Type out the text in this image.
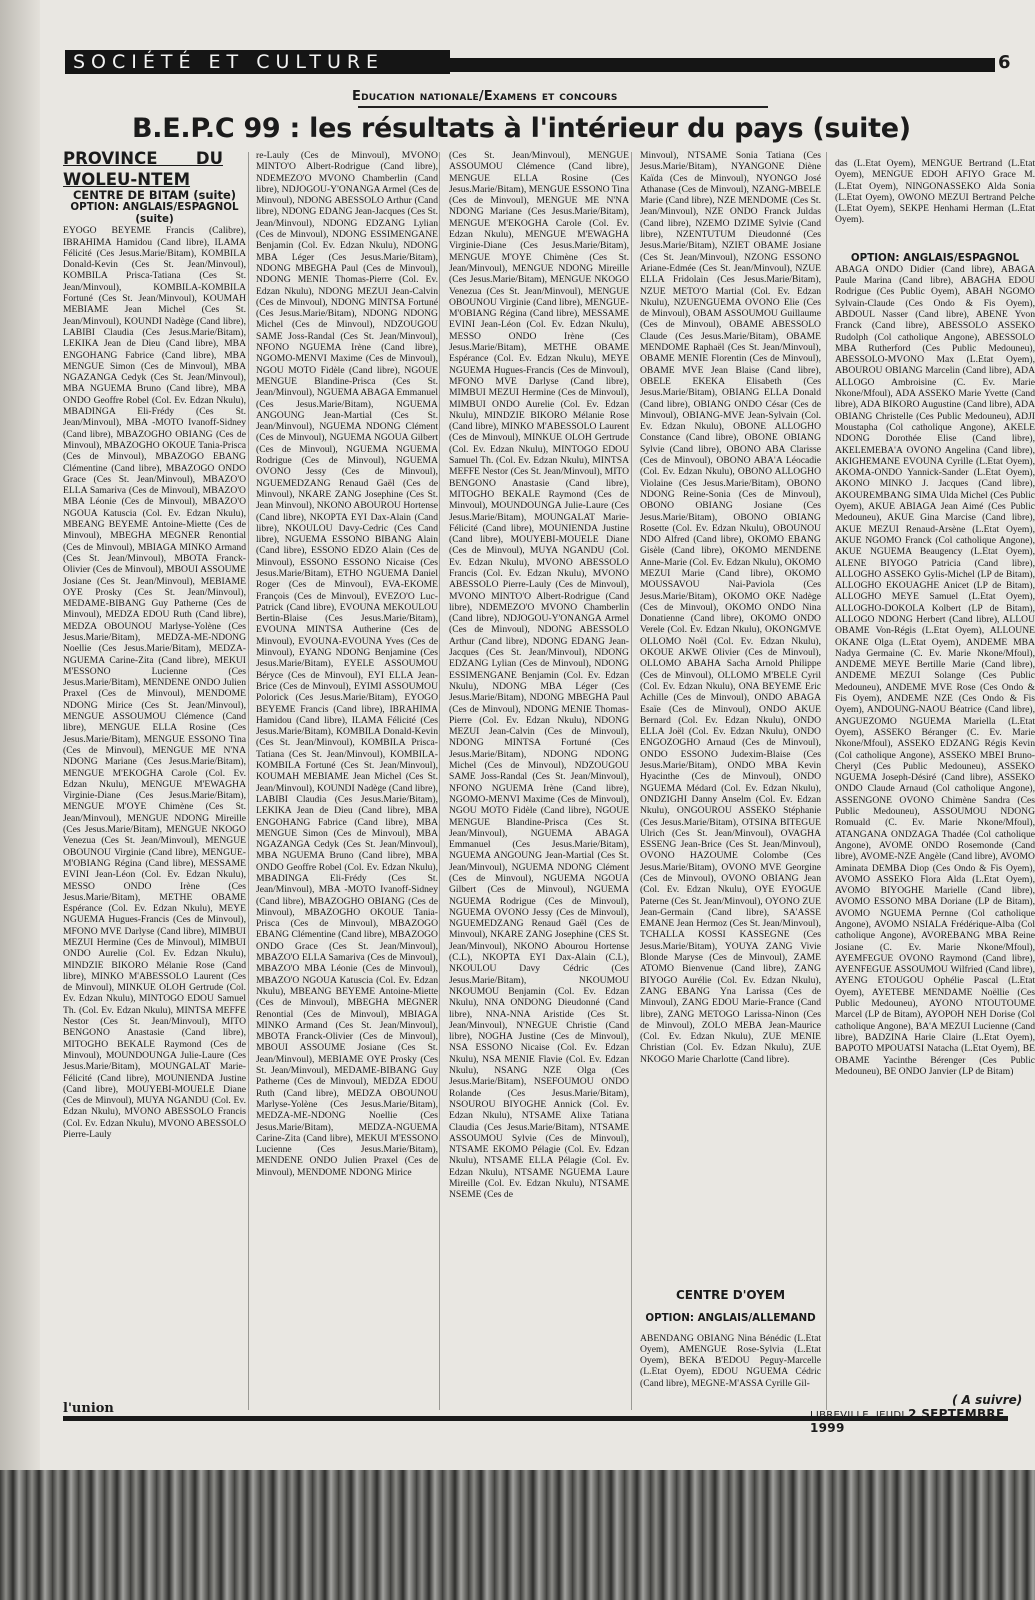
SOCIÉTÉ ET CULTURE	6
Education nationale/Examens et concours
B.E.P.C 99 : les résultats à l'intérieur du pays (suite)

PROVINCE DU WOLEU-NTEM

CENTRE DE BITAM (suite)

OPTION: ANGLAIS/ESPAGNOL (suite)

EYOGO BEYEME Francis (Calibre), IBRAHIMA Hamidou (Cand libre), ILAMA Félicité (Ces Jesus.Marie/Bitam), KOMBILA Donald-Kevin (Ces St. Jean/Minvoul), KOMBILA Prisca-Tatiana (Ces St. Jean/Minvoul), KOMBILA-KOMBILA Fortuné (Ces St. Jean/Minvoul), KOUMAH MEBIAME Jean Michel (Ces St. Jean/Minvoul), KOUNDI Nadège (Cand libre), LABIBI Claudia (Ces Jesus.Marie/Bitam), LEKIKA Jean de Dieu (Cand libre), MBA ENGOHANG Fabrice (Cand libre), MBA MENGUE Simon (Ces de Minvoul), MBA NGAZANGA Cedyk (Ces St. Jean/Minvoul), MBA NGUEMA Bruno (Cand libre), MBA ONDO Geoffre Robel (Col. Ev. Edzan Nkulu), MBADINGA Eli-Frédy (Ces St. Jean/Minvoul), MBA -MOTO Ivanoff-Sidney (Cand libre), MBAZOGHO OBIANG (Ces de Minvoul), MBAZOGHO OKOUE Tania-Prisca (Ces de Minvoul), MBAZOGO EBANG Clémentine (Cand libre), MBAZOGO ONDO Grace (Ces St. Jean/Minvoul), MBAZO'O ELLA Samariva (Ces de Minvoul), MBAZO'O MBA Léonie (Ces de Minvoul), MBAZO'O NGOUA Katuscia (Col. Ev. Edzan Nkulu), MBEANG BEYEME Antoine-Miette (Ces de Minvoul), MBEGHA MEGNER Renontial (Ces de Minvoul), MBIAGA MINKO Armand (Ces St. Jean/Minvoul), MBOTA Franck-Olivier (Ces de Minvoul), MBOUI ASSOUME Josiane (Ces St. Jean/Minvoul), MEBIAME OYE Prosky (Ces St. Jean/Minvoul), MEDAME-BIBANG Guy Patherne (Ces de Minvoul), MEDZA EDOU Ruth (Cand libre), MEDZA OBOUNOU Marlyse-Yolène (Ces Jesus.Marie/Bitam), MEDZA-ME-NDONG Noellie (Ces Jesus.Marie/Bitam), MEDZA-NGUEMA Carine-Zita (Cand libre), MEKUI M'ESSONO Lucienne (Ces Jesus.Marie/Bitam), MENDENE ONDO Julien Praxel (Ces de Minvoul), MENDOME NDONG Mirice (Ces St. Jean/Minvoul), MENGUE ASSOUMOU Clémence (Cand libre), MENGUE ELLA Rosine (Ces Jesus.Marie/Bitam), MENGUE ESSONO Tina (Ces de Minvoul), MENGUE ME N'NA NDONG Mariane (Ces Jesus.Marie/Bitam), MENGUE M'EKOGHA Carole (Col. Ev. Edzan Nkulu), MENGUE M'EWAGHA Virginie-Diane (Ces Jesus.Marie/Bitam), MENGUE M'OYE Chimène (Ces St. Jean/Minvoul), MENGUE NDONG Mireille (Ces Jesus.Marie/Bitam), MENGUE NKOGO Venezua (Ces St. Jean/Minvoul), MENGUE OBOUNOU Virginie (Cand libre), MENGUE-M'OBIANG Régina (Cand libre), MESSAME EVINI Jean-Léon (Col. Ev. Edzan Nkulu), MESSO ONDO Irène (Ces Jesus.Marie/Bitam), METHE OBAME Espérance (Col. Ev. Edzan Nkulu), MEYE NGUEMA Hugues-Francis (Ces de Minvoul), MFONO MVE Darlyse (Cand libre), MIMBUI MEZUI Hermine (Ces de Minvoul), MIMBUI ONDO Aurelie (Col. Ev. Edzan Nkulu), MINDZIE BIKORO Mélanie Rose (Cand libre), MINKO M'ABESSOLO Laurent (Ces de Minvoul), MINKUE OLOH Gertrude (Col. Ev. Edzan Nkulu), MINTOGO EDOU Samuel Th. (Col. Ev. Edzan Nkulu), MINTSA MEFFE Nestor (Ces St. Jean/Minvoul), MITO BENGONO Anastasie (Cand libre), MITOGHO BEKALE Raymond (Ces de Minvoul), MOUNDOUNGA Julie-Laure (Ces Jesus.Marie/Bitam), MOUNGALAT Marie-Félicité (Cand libre), MOUNIENDA Justine (Cand libre), MOUYEBI-MOUELE Diane (Ces de Minvoul), MUYA NGANDU (Col. Ev. Edzan Nkulu), MVONO ABESSOLO Francis (Col. Ev. Edzan Nkulu), MVONO ABESSOLO Pierre-Lauly

re-Lauly (Ces de Minvoul), MVONO MINTO'O Albert-Rodrigue (Cand libre), NDEMEZO'O MVONO Chamberlin (Cand libre), NDJOGOU-Y'ONANGA Armel (Ces de Minvoul), NDONG ABESSOLO Arthur (Cand libre), NDONG EDANG Jean-Jacques (Ces St. Jean/Minvoul), NDONG EDZANG Lylian (Ces de Minvoul), NDONG ESSIMENGANE Benjamin (Col. Ev. Edzan Nkulu), NDONG MBA Léger (Ces Jesus.Marie/Bitam), NDONG MBEGHA Paul (Ces de Minvoul), NDONG MENIE Thomas-Pierre (Col. Ev. Edzan Nkulu), NDONG MEZUI Jean-Calvin (Ces de Minvoul), NDONG MINTSA Fortuné (Ces Jesus.Marie/Bitam), NDONG NDONG Michel (Ces de Minvoul), NDZOUGOU SAME Joss-Randal (Ces St. Jean/Minvoul), NFONO NGUEMA Irène (Cand libre), NGOMO-MENVI Maxime (Ces de Minvoul), NGOU MOTO Fidèle (Cand libre), NGOUE MENGUE Blandine-Prisca (Ces St. Jean/Minvoul), NGUEMA ABAGA Emmanuel (Ces Jesus.Marie/Bitam), NGUEMA ANGOUNG Jean-Martial (Ces St. Jean/Minvoul), NGUEMA NDONG Clément (Ces de Minvoul), NGUEMA NGOUA Gilbert (Ces de Minvoul), NGUEMA NGUEMA Rodrigue (Ces de Minvoul), NGUEMA OVONO Jessy (Ces de Minvoul), NGUEMEDZANG Renaud Gaël (Ces de Minvoul), NKARE ZANG Josephine (Ces St. Jean Minvoul), NKONO ABOUROU Hortense (Cand libre), NKOPTA EYI Dax-Alain (Cand libre), NKOULOU Davy-Cedric (Ces Cand libre), NGUEMA ESSONO BIBANG Alain (Cand libre), ESSONO EDZO Alain (Ces de Minvoul), ESSONO ESSONO Nicaise (Ces Jesus.Marie/Bitam), ETHO NGUEMA Daniel Roger (Ces de Minvoul), EVA-EKOME François (Ces de Minvoul), EVEZO'O Luc-Patrick (Cand libre), EVOUNA MEKOULOU Bertin-Blaise (Ces Jesus.Marie/Bitam), EVOUNA MINTSA Autherine (Ces de Minvoul), EVOUNA-EVOUNA Yves (Ces de Minvoul), EYANG NDONG Benjamine (Ces Jesus.Marie/Bitam), EYELE ASSOUMOU Béryce (Ces de Minvoul), EYI ELLA Jean-Brice (Ces de Minvoul), EYIMI ASSOUMOU Polorick (Ces Jesus.Marie/Bitam), EYOGO BEYEME Francis (Cand libre), IBRAHIMA Hamidou (Cand libre), ILAMA Félicité (Ces Jesus.Marie/Bitam), KOMBILA Donald-Kevin (Ces St. Jean/Minvoul), KOMBILA Prisca-Tatiana (Ces St. Jean/Minvoul), KOMBILA-KOMBILA Fortuné (Ces St. Jean/Minvoul), KOUMAH MEBIAME Jean Michel (Ces St. Jean/Minvoul), KOUNDI Nadège (Cand libre), LABIBI Claudia (Ces Jesus.Marie/Bitam), LEKIKA Jean de Dieu (Cand libre), MBA ENGOHANG Fabrice (Cand libre), MBA MENGUE Simon (Ces de Minvoul), MBA NGAZANGA Cedyk (Ces St. Jean/Minvoul), MBA NGUEMA Bruno (Cand libre), MBA ONDO Geoffre Robel (Col. Ev. Edzan Nkulu), MBADINGA Eli-Frédy (Ces St. Jean/Minvoul), MBA -MOTO Ivanoff-Sidney (Cand libre), MBAZOGHO OBIANG (Ces de Minvoul), MBAZOGHO OKOUE Tania-Prisca (Ces de Minvoul), MBAZOGO EBANG Clémentine (Cand libre), MBAZOGO ONDO Grace (Ces St. Jean/Minvoul), MBAZO'O ELLA Samariva (Ces de Minvoul), MBAZO'O MBA Léonie (Ces de Minvoul), MBAZO'O NGOUA Katuscia (Col. Ev. Edzan Nkulu), MBEANG BEYEME Antoine-Miette (Ces de Minvoul), MBEGHA MEGNER Renontial (Ces de Minvoul), MBIAGA MINKO Armand (Ces St. Jean/Minvoul), MBOTA Franck-Olivier (Ces de Minvoul), MBOUI ASSOUME Josiane (Ces St. Jean/Minvoul), MEBIAME OYE Prosky (Ces St. Jean/Minvoul), MEDAME-BIBANG Guy Patherne (Ces de Minvoul), MEDZA EDOU Ruth (Cand libre), MEDZA OBOUNOU Marlyse-Yolène (Ces Jesus.Marie/Bitam), MEDZA-ME-NDONG Noellie (Ces Jesus.Marie/Bitam), MEDZA-NGUEMA Carine-Zita (Cand libre), MEKUI M'ESSONO Lucienne (Ces Jesus.Marie/Bitam), MENDENE ONDO Julien Praxel (Ces de Minvoul), MENDOME NDONG Mirice

(Ces St. Jean/Minvoul), MENGUE ASSOUMOU Clémence (Cand libre), MENGUE ELLA Rosine (Ces Jesus.Marie/Bitam), MENGUE ESSONO Tina (Ces de Minvoul), MENGUE ME N'NA NDONG Mariane (Ces Jesus.Marie/Bitam), MENGUE M'EKOGHA Carole (Col. Ev. Edzan Nkulu), MENGUE M'EWAGHA Virginie-Diane (Ces Jesus.Marie/Bitam), MENGUE M'OYE Chimène (Ces St. Jean/Minvoul), MENGUE NDONG Mireille (Ces Jesus.Marie/Bitam), MENGUE NKOGO Venezua (Ces St. Jean/Minvoul), MENGUE OBOUNOU Virginie (Cand libre), MENGUE-M'OBIANG Régina (Cand libre), MESSAME EVINI Jean-Léon (Col. Ev. Edzan Nkulu), MESSO ONDO Irène (Ces Jesus.Marie/Bitam), METHE OBAME Espérance (Col. Ev. Edzan Nkulu), MEYE NGUEMA Hugues-Francis (Ces de Minvoul), MFONO MVE Darlyse (Cand libre), MIMBUI MEZUI Hermine (Ces de Minvoul), MIMBUI ONDO Aurelie (Col. Ev. Edzan Nkulu), MINDZIE BIKORO Mélanie Rose (Cand libre), MINKO M'ABESSOLO Laurent (Ces de Minvoul), MINKUE OLOH Gertrude (Col. Ev. Edzan Nkulu), MINTOGO EDOU Samuel Th. (Col. Ev. Edzan Nkulu), MINTSA MEFFE Nestor (Ces St. Jean/Minvoul), MITO BENGONO Anastasie (Cand libre), MITOGHO BEKALE Raymond (Ces de Minvoul), MOUNDOUNGA Julie-Laure (Ces Jesus.Marie/Bitam), MOUNGALAT Marie-Félicité (Cand libre), MOUNIENDA Justine (Cand libre), MOUYEBI-MOUELE Diane (Ces de Minvoul), MUYA NGANDU (Col. Ev. Edzan Nkulu), MVONO ABESSOLO Francis (Col. Ev. Edzan Nkulu), MVONO ABESSOLO Pierre-Lauly (Ces de Minvoul), MVONO MINTO'O Albert-Rodrigue (Cand libre), NDEMEZO'O MVONO Chamberlin (Cand libre), NDJOGOU-Y'ONANGA Armel (Ces de Minvoul), NDONG ABESSOLO Arthur (Cand libre), NDONG EDANG Jean-Jacques (Ces St. Jean/Minvoul), NDONG EDZANG Lylian (Ces de Minvoul), NDONG ESSIMENGANE Benjamin (Col. Ev. Edzan Nkulu), NDONG MBA Léger (Ces Jesus.Marie/Bitam), NDONG MBEGHA Paul (Ces de Minvoul), NDONG MENIE Thomas-Pierre (Col. Ev. Edzan Nkulu), NDONG MEZUI Jean-Calvin (Ces de Minvoul), NDONG MINTSA Fortuné (Ces Jesus.Marie/Bitam), NDONG NDONG Michel (Ces de Minvoul), NDZOUGOU SAME Joss-Randal (Ces St. Jean/Minvoul), NFONO NGUEMA Irène (Cand libre), NGOMO-MENVI Maxime (Ces de Minvoul), NGOU MOTO Fidèle (Cand libre), NGOUE MENGUE Blandine-Prisca (Ces St. Jean/Minvoul), NGUEMA ABAGA Emmanuel (Ces Jesus.Marie/Bitam), NGUEMA ANGOUNG Jean-Martial (Ces St. Jean/Minvoul), NGUEMA NDONG Clément (Ces de Minvoul), NGUEMA NGOUA Gilbert (Ces de Minvoul), NGUEMA NGUEMA Rodrigue (Ces de Minvoul), NGUEMA OVONO Jessy (Ces de Minvoul), NGUEMEDZANG Renaud Gaël (Ces de Minvoul), NKARE ZANG Josephine (CES St. Jean/Minvoul), NKONO Abourou Hortense (C.L), NKOPTA EYI Dax-Alain (C.L), NKOULOU Davy Cédric (Ces Jesus.Marie/Bitam), NKOUMOU NKOUMOU Benjamin (Col. Ev. Edzan Nkulu), NNA ONDONG Dieudonné (Cand libre), NNA-NNA Aristide (Ces St. Jean/Minvoul), N'NEGUE Christie (Cand libre), NOGHA Justine (Ces de Minvoul), NSA ESSONO Nicaise (Col. Ev. Edzan Nkulu), NSA MENIE Flavie (Col. Ev. Edzan Nkulu), NSANG NZE Olga (Ces Jesus.Marie/Bitam), NSEFOUMOU ONDO Rolande (Ces Jesus.Marie/Bitam), NSOUROU BIYOGHE Annick (Col. Ev. Edzan Nkulu), NTSAME Alixe Tatiana Claudia (Ces Jesus.Marie/Bitam), NTSAME ASSOUMOU Sylvie (Ces de Minvoul), NTSAME EKOMO Pélagie (Col. Ev. Edzan Nkulu), NTSAME ELLA Pélagie (Col. Ev. Edzan Nkulu), NTSAME NGUEMA Laure Mireille (Col. Ev. Edzan Nkulu), NTSAME NSEME (Ces de

Minvoul), NTSAME Sonia Tatiana (Ces Jesus.Marie/Bitam), NYANGONE Diène Kaïda (Ces de Minvoul), NYONGO José Athanase (Ces de Minvoul), NZANG-MBELE Marie (Cand libre), NZE MENDOME (Ces St. Jean/Minvoul), NZE ONDO Franck Juldas (Cand libre), NZEMO DZIME Sylvie (Cand libre), NZENTUTUM Dieudonné (Ces Jesus.Marie/Bitam), NZIET OBAME Josiane (Ces St. Jean/Minvoul), NZONG ESSONO Ariane-Edmée (Ces St. Jean/Minvoul), NZUE ELLA Fridolain (Ces Jesus.Marie/Bitam), NZUE METO'O Martial (Col. Ev. Edzan Nkulu), NZUENGUEMA OVONO Elie (Ces de Minvoul), OBAM ASSOUMOU Guillaume (Ces de Minvoul), OBAME ABESSOLO Claude (Ces Jesus.Marie/Bitam), OBAME MENDOME Raphaël (Ces St. Jean/Minvoul), OBAME MENIE Florentin (Ces de Minvoul), OBAME MVE Jean Blaise (Cand libre), OBELE EKEKA Elisabeth (Ces Jesus.Marie/Bitam), OBIANG ELLA Donald (Cand libre), OBIANG ONDO César (Ces de Minvoul), OBIANG-MVE Jean-Sylvain (Col. Ev. Edzan Nkulu), OBONE ALLOGHO Constance (Cand libre), OBONE OBIANG Sylvie (Cand libre), OBONO ABA Clarisse (Ces de Minvoul), OBONO ABA'A Léocadie (Col. Ev. Edzan Nkulu), OBONO ALLOGHO Violaine (Ces Jesus.Marie/Bitam), OBONO NDONG Reine-Sonia (Ces de Minvoul), OBONO OBIANG Josiane (Ces Jesus.Marie/Bitam), OBONO OBIANG Rosette (Col. Ev. Edzan Nkulu), OBOUNOU NDO Alfred (Cand libre), OKOMO EBANG Gisèle (Cand libre), OKOMO MENDENE Anne-Marie (Col. Ev. Edzan Nkulu), OKOMO MEZUI Marie (Cand libre), OKOMO MOUSSAVOU Nai-Paviola (Ces Jesus.Marie/Bitam), OKOMO OKE Nadège (Ces de Minvoul), OKOMO ONDO Nina Donatienne (Cand libre), OKOMO ONDO Verele (Col. Ev. Edzan Nkulu), OKONGMVE OLLOMO Noël (Col. Ev. Edzan Nkulu), OKOUE AKWE Olivier (Ces de Minvoul), OLLOMO ABAHA Sacha Arnold Philippe (Ces de Minvoul), OLLOMO M'BELE Cyril (Col. Ev. Edzan Nkulu), ONA BEYEME Eric Achille (Ces de Minvoul), ONDO ABAGA Esaïe (Ces de Minvoul), ONDO AKUE Bernard (Col. Ev. Edzan Nkulu), ONDO ELLA Joël (Col. Ev. Edzan Nkulu), ONDO ENGOZOGHO Arnaud (Ces de Minvoul), ONDO ESSONO Judexim-Blaise (Ces Jesus.Marie/Bitam), ONDO MBA Kevin Hyacinthe (Ces de Minvoul), ONDO NGUEMA Médard (Col. Ev. Edzan Nkulu), ONDZIGHI Danny Anselm (Col. Ev. Edzan Nkulu), ONGOUROU ASSEKO Stéphanie (Ces Jesus.Marie/Bitam), OTSINA BITEGUE Ulrich (Ces St. Jean/Minvoul), OVAGHA ESSENG Jean-Brice (Ces St. Jean/Minvoul), OVONO HAZOUME Colombe (Ces Jesus.Marie/Bitam), OVONO MVE Georgine (Ces de Minvoul), OVONO OBIANG Jean (Col. Ev. Edzan Nkulu), OYE EYOGUE Paterne (Ces St. Jean/Minvoul), OYONO ZUE Jean-Germain (Cand libre), SA'ASSE EMANE Jean Hermoz (Ces St. Jean/Minvoul), TCHALLA KOSSI KASSEGNE (Ces Jesus.Marie/Bitam), YOUYA ZANG Vivie Blonde Maryse (Ces de Minvoul), ZAME ATOMO Bienvenue (Cand libre), ZANG BIYOGO Aurélie (Col. Ev. Edzan Nkulu), ZANG EBANG Yna Larissa (Ces de Minvoul), ZANG EDOU Marie-France (Cand libre), ZANG METOGO Larissa-Ninon (Ces de Minvoul), ZOLO MEBA Jean-Maurice (Col. Ev. Edzan Nkulu), ZUE MENIE Christian (Col. Ev. Edzan Nkulu), ZUE NKOGO Marie Charlotte (Cand libre).

CENTRE D'OYEM
OPTION: ANGLAIS/ALLEMAND

ABENDANG OBIANG Nina Bénédic (L.Etat Oyem), AMENGUE Rose-Sylvia (L.Etat Oyem), BEKA B'EDOU Peguy-Marcelle (L.Etat Oyem), EDOU NGUEMA Cédric (Cand libre), MEGNE-M'ASSA Cyrille Gil-

das (L.Etat Oyem), MENGUE Bertrand (L.Etat Oyem), MENGUE EDOH AFIYO Grace M. (L.Etat Oyem), NINGONASSEKO Alda Sonia (L.Etat Oyem), OWONO MEZUI Bertrand Pelche (L.Etat Oyem), SEKPE Henhami Herman (L.Etat Oyem).

OPTION: ANGLAIS/ESPAGNOL

ABAGA ONDO Didier (Cand libre), ABAGA Paule Marina (Cand libre), ABAGHA EDOU Rodrigue (Ces Public Oyem), ABAH NGOMO Sylvain-Claude (Ces Ondo & Fis Oyem), ABDOUL Nasser (Cand libre), ABENE Yvon Franck (Cand libre), ABESSOLO ASSEKO Rudolph (Col catholique Angone), ABESSOLO MBA Rutherford (Ces Public Medouneu), ABESSOLO-MVONO Max (L.Etat Oyem), ABOUROU OBIANG Marcelin (Cand libre), ADA ALLOGO Ambroisine (C. Ev. Marie Nkone/Mfoul), ADA ASSEKO Marie Yvette (Cand libre), ADA BIKORO Augustine (Cand libre), ADA OBIANG Christelle (Ces Public Medouneu), ADJI Moustapha (Col catholique Angone), AKELE NDONG Dorothée Elise (Cand libre), AKELEMEBA'A OVONO Angelina (Cand libre), AKIGHEMANE EVOUNA Cyrille (L.Etat Oyem), AKOMA-ONDO Yannick-Sander (L.Etat Oyem), AKONO MINKO J. Jacques (Cand libre), AKOUREMBANG SIMA Ulda Michel (Ces Public Oyem), AKUE ABIAGA Jean Aimé (Ces Public Medouneu), AKUE Gina Marcise (Cand libre), AKUE MEZUI Renaud-Arsène (L.Etat Oyem), AKUE NGOMO Franck (Col catholique Angone), AKUE NGUEMA Beaugency (L.Etat Oyem), ALENE BIYOGO Patricia (Cand libre), ALLOGHO ASSEKO Gylis-Michel (LP de Bitam), ALLOGHO EKOUAGHE Anicet (LP de Bitam), ALLOGHO MEYE Samuel (L.Etat Oyem), ALLOGHO-DOKOLA Kolbert (LP de Bitam), ALLOGO NDONG Herbert (Cand libre), ALLOU OBAME Von-Régis (L.Etat Oyem), ALLOUNE OKANE Olga (L.Etat Oyem), ANDEME MBA Nadya Germaine (C. Ev. Marie Nkone/Mfoul), ANDEME MEYE Bertille Marie (Cand libre), ANDEME MEZUI Solange (Ces Public Medouneu), ANDEME MVE Rose (Ces Ondo & Fis Oyem), ANDEME NZE (Ces Ondo & Fis Oyem), ANDOUNG-NAOU Béatrice (Cand libre), ANGUEZOMO NGUEMA Mariella (L.Etat Oyem), ASSEKO Béranger (C. Ev. Marie Nkone/Mfoul), ASSEKO EDZANG Régis Kevin (Col catholique Angone), ASSEKO MBEI Bruno-Cheryl (Ces Public Medouneu), ASSEKO NGUEMA Joseph-Désiré (Cand libre), ASSEKO ONDO Claude Arnaud (Col catholique Angone), ASSENGONE OVONO Chimène Sandra (Ces Public Medouneu), ASSOUMOU NDONG Romuald (C. Ev. Marie Nkone/Mfoul), ATANGANA ONDZAGA Thadée (Col catholique Angone), AVOME ONDO Rosemonde (Cand libre), AVOME-NZE Angèle (Cand libre), AVOMO Aminata DEMBA Diop (Ces Ondo & Fis Oyem), AVOMO ASSEKO Flora Alda (L.Etat Oyem), AVOMO BIYOGHE Marielle (Cand libre), AVOMO ESSONO MBA Doriane (LP de Bitam), AVOMO NGUEMA Pernne (Col catholique Angone), AVOMO NSIALA Frédérique-Alba (Col catholique Angone), AVOREBANG MBA Reine Josiane (C. Ev. Marie Nkone/Mfoul), AYEMFEGUE OVONO Raymond (Cand libre), AYENFEGUE ASSOUMOU Wilfried (Cand libre), AYENG ETOUGOU Ophélie Pascal (L.Etat Oyem), AYETEBE MENDAME Noëllie (Ces Public Medouneu), AYONO NTOUTOUME Marcel (LP de Bitam), AYOPOH NEH Dorise (Col catholique Angone), BA'A MEZUI Lucienne (Cand libre), BADZINA Harie Claire (L.Etat Oyem), BAPOTO MPOUATSI Natacha (L.Etat Oyem), BE OBAME Yacinthe Bérenger (Ces Public Medouneu), BE ONDO Janvier (LP de Bitam)

( A suivre)
l'union	LIBREVILLE, JEUDI 2 SEPTEMBRE 1999
